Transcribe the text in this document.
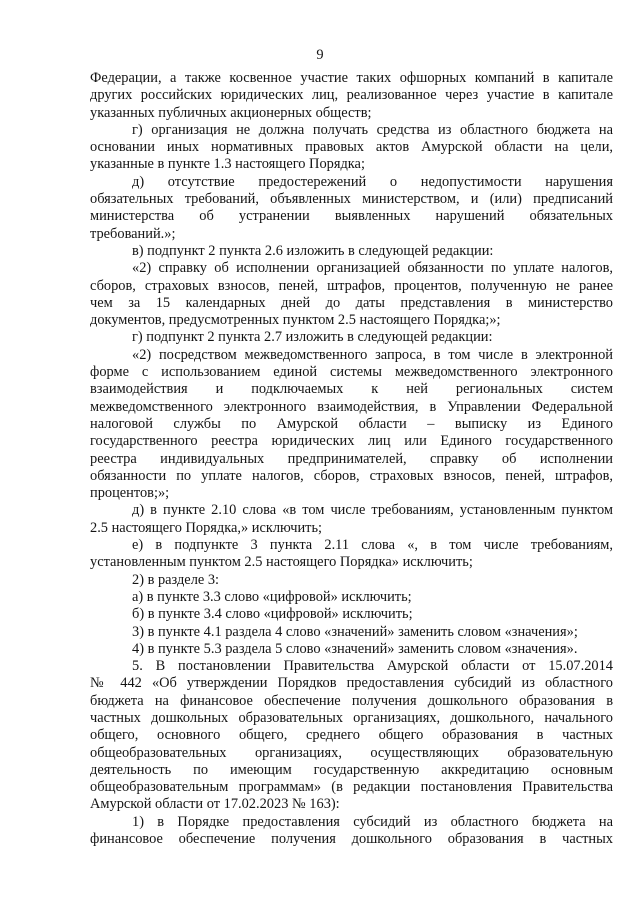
9
Федерации, а также косвенное участие таких офшорных компаний в капитале
других российских юридических лиц, реализованное через участие в капитале
указанных публичных акционерных обществ;
г) организация не должна получать средства из областного бюджета на
основании иных нормативных правовых актов Амурской области на цели,
указанные в пункте 1.3 настоящего Порядка;
д) отсутствие предостережений о недопустимости нарушения
обязательных требований, объявленных министерством, и (или) предписаний
министерства об устранении выявленных нарушений обязательных
требований.»;
в) подпункт 2 пункта 2.6 изложить в следующей редакции:
«2) справку об исполнении организацией обязанности по уплате налогов,
сборов, страховых взносов, пеней, штрафов, процентов, полученную не ранее
чем за 15 календарных дней до даты представления в министерство
документов, предусмотренных пунктом 2.5 настоящего Порядка;»;
г) подпункт 2 пункта 2.7 изложить в следующей редакции:
«2) посредством межведомственного запроса, в том числе в электронной
форме с использованием единой системы межведомственного электронного
взаимодействия и подключаемых к ней региональных систем
межведомственного электронного взаимодействия, в Управлении Федеральной
налоговой службы по Амурской области – выписку из Единого
государственного реестра юридических лиц или Единого государственного
реестра индивидуальных предпринимателей, справку об исполнении
обязанности по уплате налогов, сборов, страховых взносов, пеней, штрафов,
процентов;»;
д) в пункте 2.10 слова «в том числе требованиям, установленным пунктом
2.5 настоящего Порядка,» исключить;
е) в подпункте 3 пункта 2.11 слова «, в том числе требованиям,
установленным пунктом 2.5 настоящего Порядка» исключить;
2) в разделе 3:
а) в пункте 3.3 слово «цифровой» исключить;
б) в пункте 3.4 слово «цифровой» исключить;
3) в пункте 4.1 раздела 4 слово «значений» заменить словом «значения»;
4) в пункте 5.3 раздела 5 слово «значений» заменить словом «значения».
5. В постановлении Правительства Амурской области от 15.07.2014
№ 442 «Об утверждении Порядков предоставления субсидий из областного
бюджета на финансовое обеспечение получения дошкольного образования в
частных дошкольных образовательных организациях, дошкольного, начального
общего, основного общего, среднего общего образования в частных
общеобразовательных организациях, осуществляющих образовательную
деятельность по имеющим государственную аккредитацию основным
общеобразовательным программам» (в редакции постановления Правительства
Амурской области от 17.02.2023 № 163):
1) в Порядке предоставления субсидий из областного бюджета на
финансовое обеспечение получения дошкольного образования в частных
